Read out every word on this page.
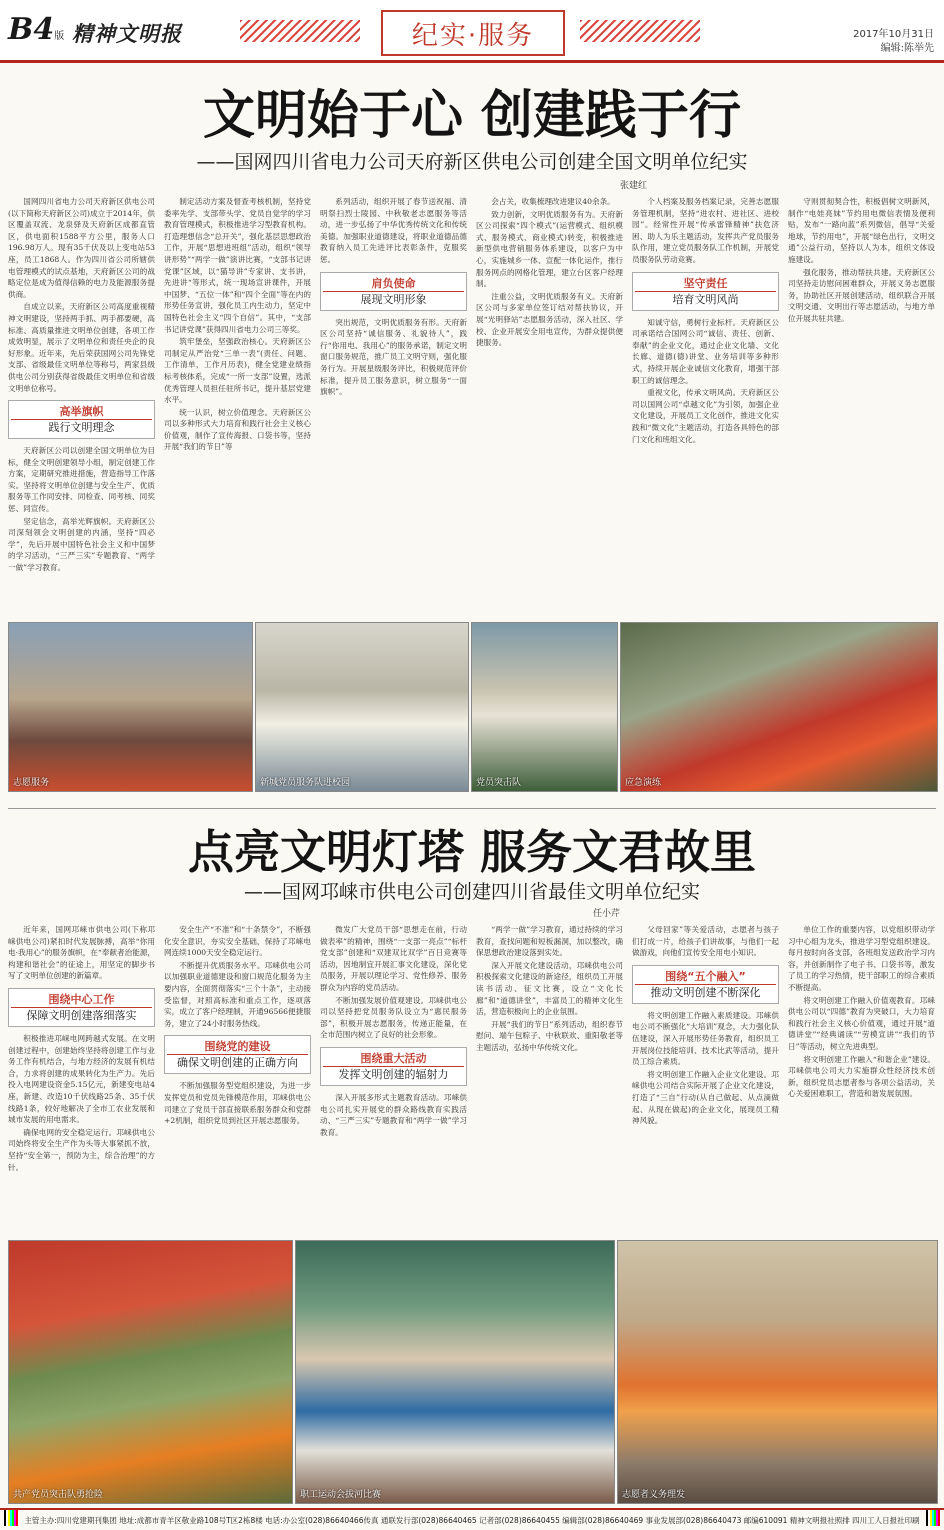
B4版 精神文明报	纪实·服务	2017年10月31日
编辑:陈举先
文明始于心 创建践于行
——国网四川省电力公司天府新区供电公司创建全国文明单位纪实
张建红

国网四川省电力公司天府新区供电公司(以下简称天府新区公司)成立于2014年，供区覆盖双流、龙泉驿及天府新区成都直管区，供电面积1588平方公里，服务人口196.98万人。现有35千伏及以上变电站53座，员工1868人。作为四川省公司所辖供电管理模式的试点基地，天府新区公司的战略定位是成为值得信赖的电力及能源服务提供商。

自成立以来，天府新区公司高度重视精神文明建设，坚持两手抓、两手都要硬，高标准、高质量推进文明单位创建，各项工作成效明显，展示了文明单位和责任央企的良好形象。近年来，先后荣获国网公司先锋党支部、省级最佳文明单位等称号，两家县级供电公司分别获得省级最佳文明单位和省级文明单位称号。

高举旗帜
践行文明理念

天府新区公司以创建全国文明单位为目标，健全文明创建领导小组，制定创建工作方案，定期研究推进措施，营造指导工作落实。坚持将文明单位创建与安全生产、优质服务等工作同安排、同检查、同考核、同奖惩、同宣传。

坚定信念，高举光辉旗帜。天府新区公司深刻领会文明创建的内涵，坚持“四必学”，先后开展中国特色社会主义和中国梦的学习活动，“三严三实”专题教育、“两学一做”学习教育。

制定活动方案及督查考核机制，坚持党委率先学、支部带头学、党员自觉学的学习教育管理模式，积极推进学习型教育机构。打造理想信念“总开关”，强化基层思想政治工作，开展“思想进班组”活动，组织“领导讲形势”“两学一做”演讲比赛，“支部书记讲党课”区域，以“猫导讲”专家讲、支书讲，先进讲“等形式，统一现场宣讲课件，开展中国梦、“五位一体”和“四个全面”等在内的形势任务宣讲，强化员工内生动力，坚定中国特色社会主义“四个自信”。其中，“支部书记讲党课”获得四川省电力公司三等奖。

筑牢堡垒，坚强政治核心。天府新区公司制定从严治党“三单一表”(责任、问题、工作清单，工作月历表)，健全党建业绩指标考核体系，完成“一所一支部”设置，选派优秀管理人员担任驻所书记，提升基层党建水平。

统一认识，树立价值理念。天府新区公司以多种形式大力培育和践行社会主义核心价值观，制作了宣传海报、口袋书等，坚持开展“我们的节日”等

系列活动，组织开展了春节送祝福、清明祭扫烈士陵园、中秋敬老志愿服务等活动，进一步弘扬了中华优秀传统文化和传统美德。加强职业道德建设，将职业道德品德教育纳入员工先进评比表彰条件，克服奖惩。

肩负使命
展现文明形象

突出规范，文明优质服务有形。天府新区公司坚持“诚信服务、礼貌待人”，践行“你用电、我用心”的服务承诺，制定文明窗口服务规范，推广员工文明守则，强化服务行为。开展星级服务评比，积极规范评价标准，提升员工服务意识，树立服务“一面旗帜”。

会占关，收集梳理改进建议40余条。

致力创新，文明优质服务有为。天府新区公司探索“四个模式”(运营模式、组织模式、服务模式、商业模式)转变，积极推进新型供电营销服务体系建设，以客户为中心，实施城乡一体、宣配一体化运作，推行服务网点的网格化管理，建立台区客户经理制。

注重公益，文明优质服务有义。天府新区公司与多家单位签订结对帮扶协议，开展“光明驿站”志愿服务活动，深入社区、学校、企业开展安全用电宣传，为群众提供便捷服务。

个人档案及服务档案记录，完善志愿服务管理机制，坚持“进农村、进社区、进校园”。经常性开展“传承雷锋精神”扶危济困、助人为乐主题活动，发挥共产党员服务队作用，建立党员服务队工作机制，开展党员服务队劳动竞赛。

坚守责任
培育文明风尚

知诚守信，勇树行业标杆。天府新区公司承诺结合国网公司“诚信、责任、创新、奉献”的企业文化，通过企业文化墙、文化长廊、道德(德)讲堂、业务培训等多种形式，持续开展企业诚信文化教育，增强干部职工的诚信理念。

重视文化，传承文明风尚。天府新区公司以国网公司“卓越文化”为引领，加强企业文化建设，开展员工文化创作，推进文化实践和“微文化”主题活动，打造各具特色的部门文化和班组文化。

守则贯彻契合性，积极倡树文明新风，制作“电娃亮妹”节约用电微信表情及便利贴，发布“一路向蓝”系列微信，倡导“关爱地球，节约用电”，开展“绿色出行，文明交通”公益行动，坚持以人为本，组织文体设施建设。

强化服务，推动帮扶共建。天府新区公司坚持走访慰问困难群众，开展义务志愿服务，协助社区开展创建活动，组织联合开展文明交通、文明出行等志愿活动，与地方单位开展共驻共建。

志愿服务	新城党员服务队进校园	党员突击队	应急演练
点亮文明灯塔 服务文君故里
——国网邛崃市供电公司创建四川省最佳文明单位纪实
任小芹

近年来，国网邛崃市供电公司(下称邛崃供电公司)紧扣时代发展脉搏，高举“你用电·我用心”的服务旗帜，在“奉献者治能源，构建和谐社会”的征途上，用坚定的脚步书写了文明单位创建的新篇章。

围绕中心工作
保障文明创建落细落实

积极推进邛崃电网跨越式发展。在文明创建过程中，创建始终坚持将创建工作与业务工作有机结合，与地方经济的发展有机结合，力求将创建的成果转化为生产力。先后投入电网建设资金5.15亿元，新建变电站4座，新建、改造10千伏线路25条、35千伏线路1条，较好地解决了全市工农业发展和城市发展的用电需求。

确保电网的安全稳定运行。邛崃供电公司始终将安全生产作为头等大事紧抓不放，坚持“安全第一，预防为主，综合治理”的方针。

安全生产“不准”和“十条禁令”，不断强化安全意识，夯实安全基础，保持了邛崃电网连续1000天安全稳定运行。

不断提升优质服务水平。邛崃供电公司以加强职业道德建设和窗口规范化服务为主要内容，全面贯彻落实“三个十条”，主动接受监督，对照高标准和重点工作，逐项落实，成立了客户经理制，开通96566便捷服务，建立了24小时服务热线。

围绕党的建设
确保文明创建的正确方向

不断加强服务型党组织建设，为进一步发挥党员和党员先锋模范作用，邛崃供电公司建立了党员干部直接联系服务群众和党群+2机制，组织党员到社区开展志愿服务。

微发广大党员干部“思想走在前，行动做表率”的精神，围绕“一支部一亮点”“标杆党支部”创建和“双建双比双学”百日竞赛等活动，因地制宜开展汇事文化建设，深化党员服务，开展以理论学习、党性修养、服务群众为内容的党员活动。

不断加强发展价值观建设。邛崃供电公司以坚持把党员服务队设立为“惠民服务部”，积极开展志愿服务，传递正能量，在全市范围内树立了良好的社会形象。

围绕重大活动
发挥文明创建的辐射力

深入开展多形式主题教育活动。邛崃供电公司扎实开展党的群众路线教育实践活动、“三严三实”专题教育和“两学一做”学习教育。

“两学一做”学习教育，通过持续的学习教育，查找问题和短板漏洞，加以整改，确保思想政治建设落到实处。

深入开展文化建设活动，邛崃供电公司积极探索文化建设的新途径，组织员工开展读书活动、征文比赛，设立“文化长廊”和“道德讲堂”，丰富员工的精神文化生活，营造积极向上的企业氛围。

开展“我们的节日”系列活动，组织春节慰问、端午包粽子、中秋联欢、重阳敬老等主题活动，弘扬中华传统文化。

父母回家”等关爱活动，志愿者与孩子们打成一片，给孩子们讲故事，与他们一起做游戏，向他们宣传安全用电小知识。

围绕“五个融入”
推动文明创建不断深化

将文明创建工作融入素质建设。邛崃供电公司不断强化“大培训”观念，大力强化队伍建设，深入开展形势任务教育，组织员工开展岗位技能培训、技术比武等活动，提升员工综合素质。

将文明创建工作融入企业文化建设。邛崃供电公司结合实际开展了企业文化建设，打造了“三自”行动(从自己做起、从点滴做起、从现在做起)的企业文化，展现员工精神风貌。

单位工作的重要内容，以党组织带动学习中心组为龙头，推进学习型党组织建设。每月按时向各支部，各班组发送政治学习内容，并创新制作了电子书、口袋书等，激发了员工的学习热情，使干部职工的综合素质不断提高。

将文明创建工作融入价值观教育。邛崃供电公司以“四德”教育为突破口，大力培育和践行社会主义核心价值观，通过开展“道德讲堂”“经典诵读”“劳模宣讲”“我们的节日”等活动，树立先进典型。

将文明创建工作融入“和谐企业”建设。邛崃供电公司大力实施群众性经济技术创新，组织党员志愿者参与各项公益活动，关心关爱困难职工，营造和谐发展氛围。

共产党员突击队勇抢险	职工运动会拔河比赛	志愿者义务理发
主管主办:四川党建期刊集团 地址:成都市青羊区敬业路108号T区2栋8楼 电话:办公室(028)86640466传真 通联发行部(028)86640465 记者部(028)86640455 编辑部(028)86640469 事业发展部(028)86640473 邮编610091 精神文明报社照排 四川工人日报社印刷
